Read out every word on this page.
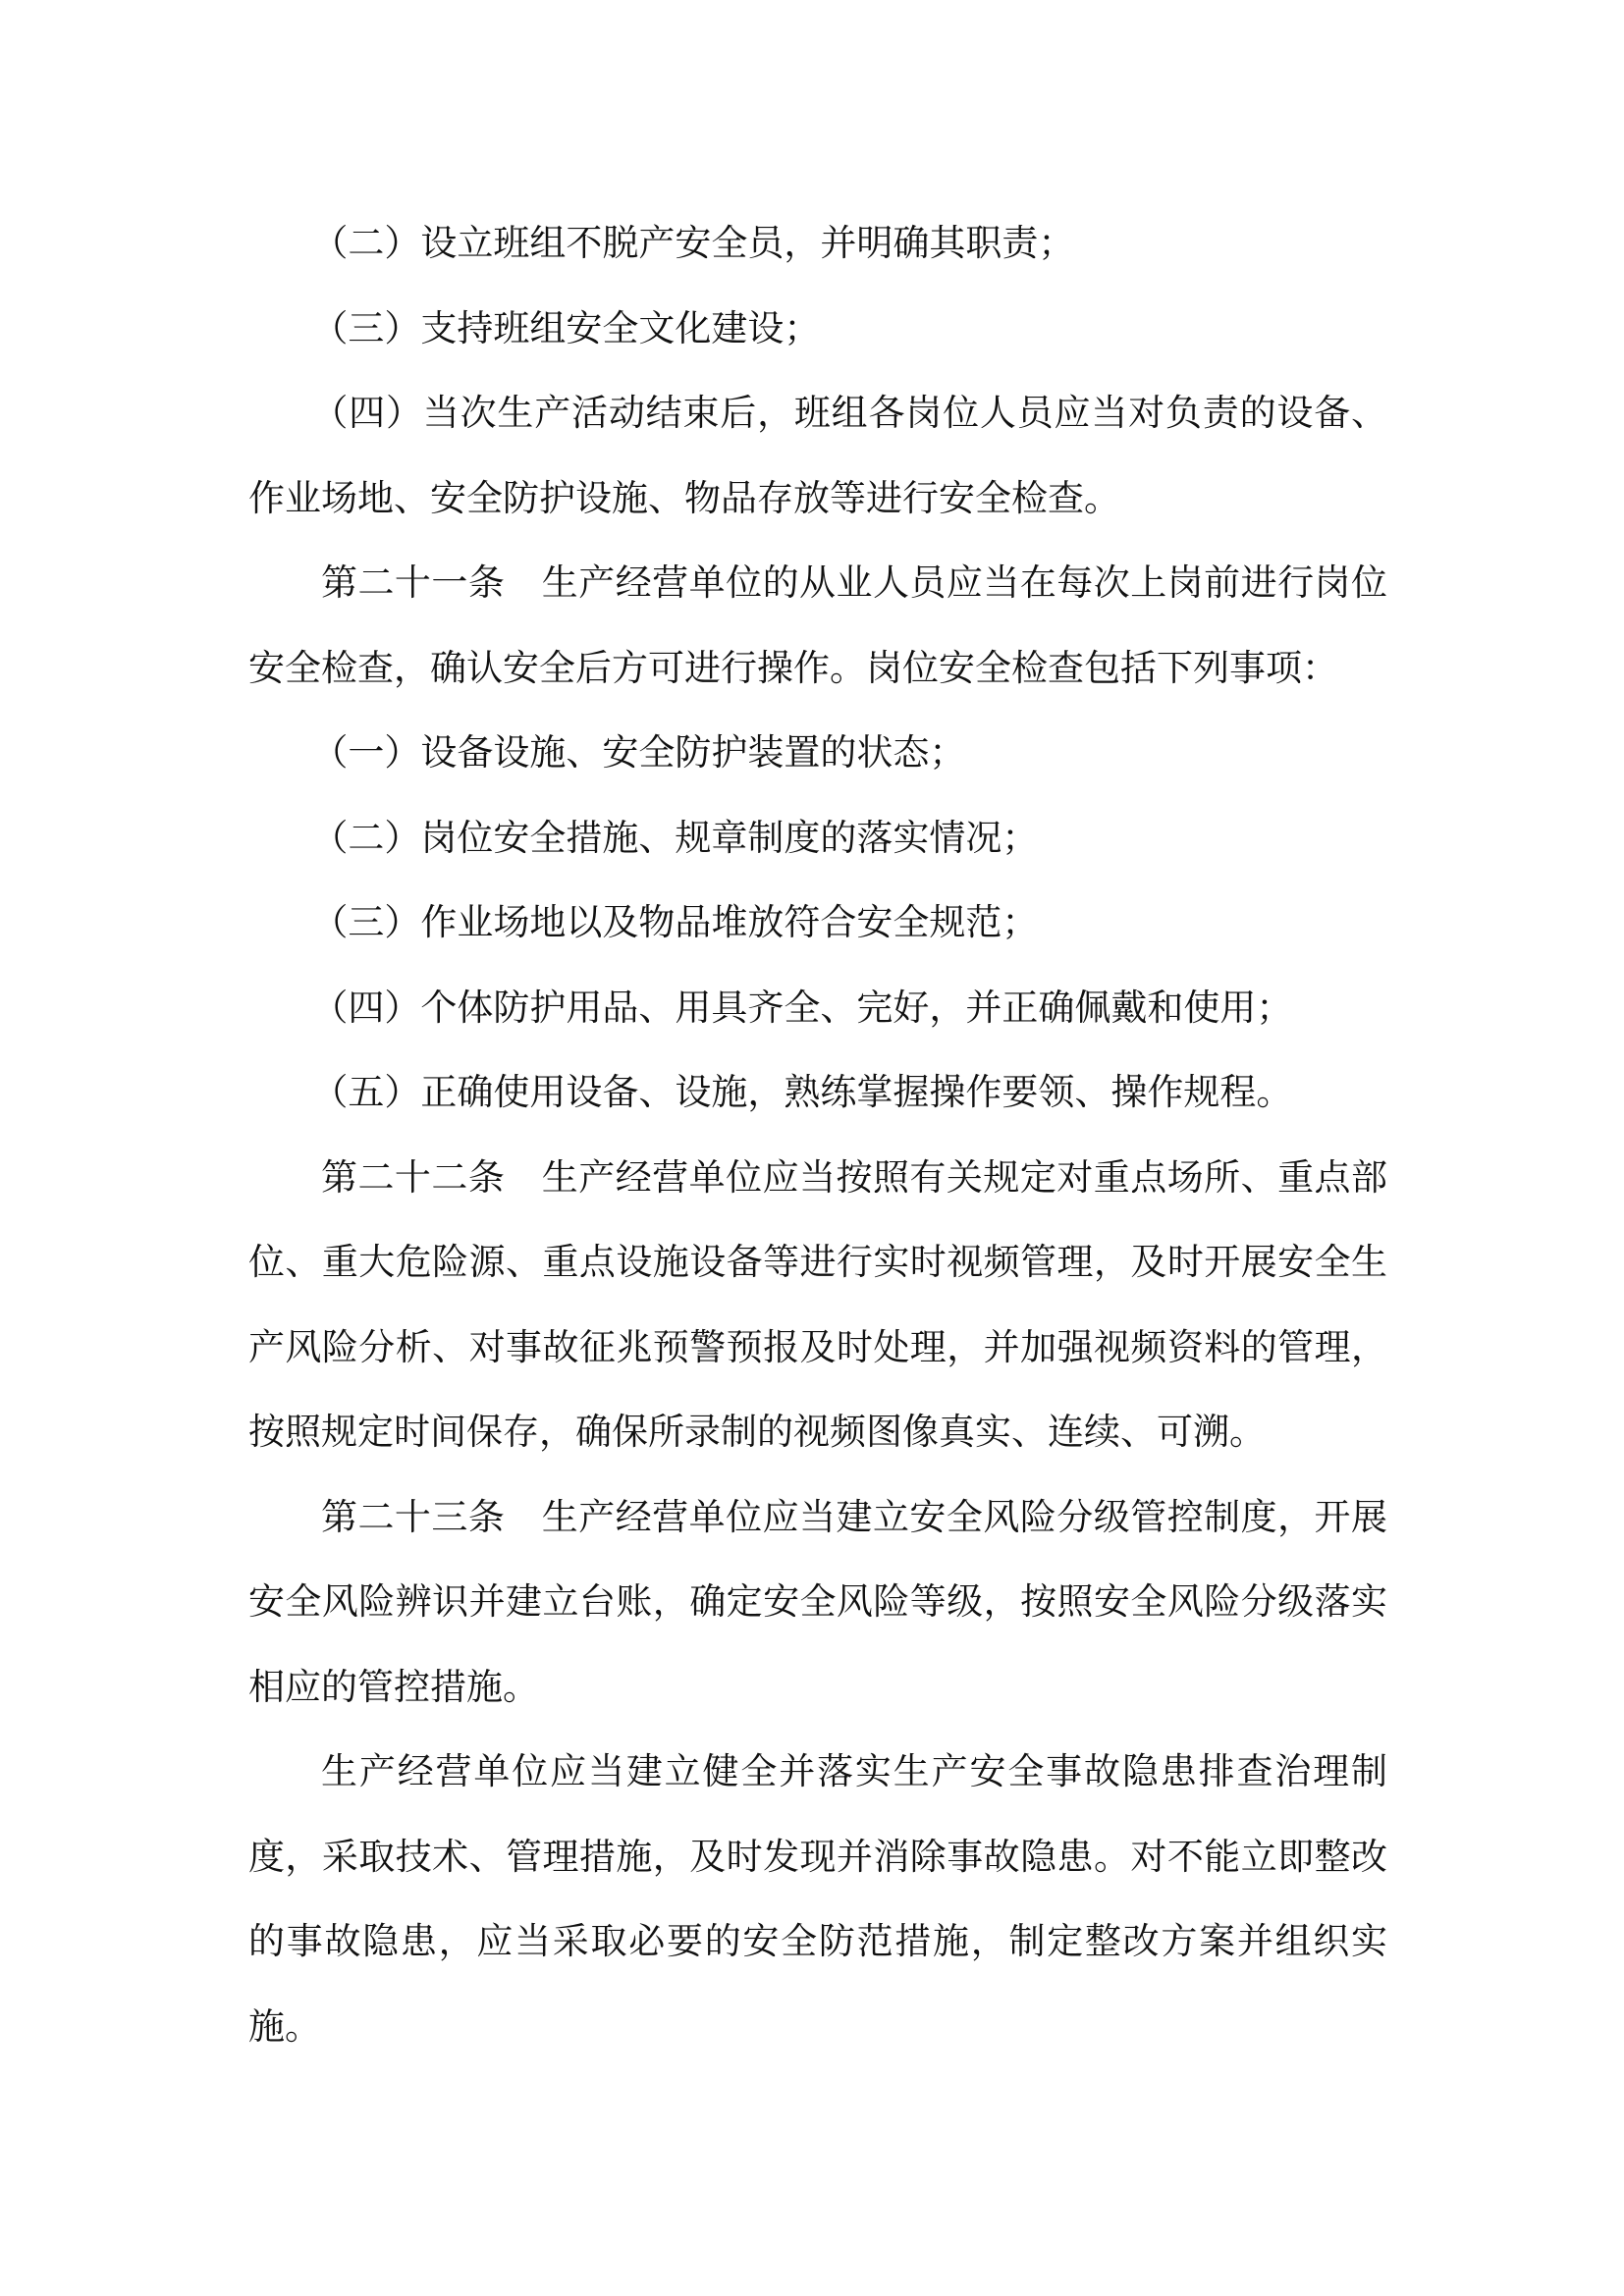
（二）设立班组不脱产安全员，并明确其职责；

（三）支持班组安全文化建设；

（四）当次生产活动结束后，班组各岗位人员应当对负责的设备、作业场地、安全防护设施、物品存放等进行安全检查。

第二十一条　生产经营单位的从业人员应当在每次上岗前进行岗位安全检查，确认安全后方可进行操作。岗位安全检查包括下列事项：

（一）设备设施、安全防护装置的状态；

（二）岗位安全措施、规章制度的落实情况；

（三）作业场地以及物品堆放符合安全规范；

（四）个体防护用品、用具齐全、完好，并正确佩戴和使用；

（五）正确使用设备、设施，熟练掌握操作要领、操作规程。

第二十二条　生产经营单位应当按照有关规定对重点场所、重点部位、重大危险源、重点设施设备等进行实时视频管理，及时开展安全生产风险分析、对事故征兆预警预报及时处理，并加强视频资料的管理，按照规定时间保存，确保所录制的视频图像真实、连续、可溯。

第二十三条　生产经营单位应当建立安全风险分级管控制度，开展安全风险辨识并建立台账，确定安全风险等级，按照安全风险分级落实相应的管控措施。

生产经营单位应当建立健全并落实生产安全事故隐患排查治理制度，采取技术、管理措施，及时发现并消除事故隐患。对不能立即整改的事故隐患，应当采取必要的安全防范措施，制定整改方案并组织实施。
